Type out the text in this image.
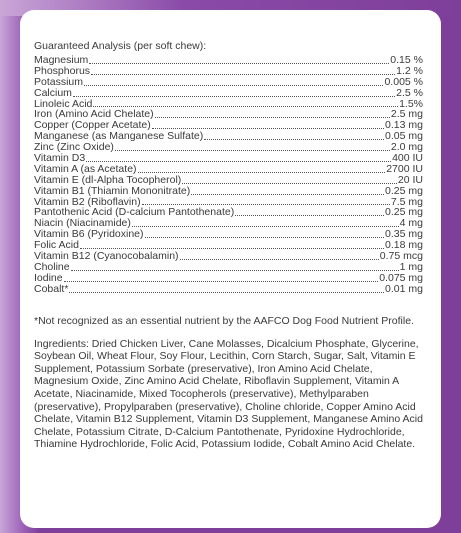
Guaranteed Analysis (per soft chew):
Magnesium	0.15 %
Phosphorus	1.2 %
Potassium	0.005 %
Calcium	2.5 %
Linoleic Acid	1.5%
Iron (Amino Acid Chelate)	2.5 mg
Copper (Copper Acetate)	0.13 mg
Manganese (as Manganese Sulfate)	0.05 mg
Zinc (Zinc Oxide)	2.0 mg
Vitamin D3	400 IU
Vitamin A (as Acetate)	2700 IU
Vitamin E (dl-Alpha Tocopherol)	20 IU
Vitamin B1 (Thiamin Mononitrate)	0.25 mg
Vitamin B2 (Riboflavin)	7.5 mg
Pantothenic Acid (D-calcium Pantothenate)	0.25 mg
Niacin (Niacinamide)	4 mg
Vitamin B6 (Pyridoxine)	0.35 mg
Folic Acid	0.18 mg
Vitamin B12 (Cyanocobalamin)	0.75 mcg
Choline	1 mg
Iodine	0.075 mg
Cobalt*	0.01 mg
*Not recognized as an essential nutrient by the AAFCO Dog Food Nutrient Profile.
Ingredients: Dried Chicken Liver, Cane Molasses, Dicalcium Phosphate, Glycerine, Soybean Oil, Wheat Flour, Soy Flour, Lecithin, Corn Starch, Sugar, Salt, Vitamin E Supplement, Potassium Sorbate (preservative), Iron Amino Acid Chelate, Magnesium Oxide, Zinc Amino Acid Chelate, Riboflavin Supplement, Vitamin A Acetate, Niacinamide, Mixed Tocopherols (preservative), Methylparaben (preservative), Propylparaben (preservative), Choline chloride, Copper Amino Acid Chelate, Vitamin B12 Supplement, Vitamin D3 Supplement, Manganese Amino Acid Chelate, Potassium Citrate, D-Calcium Pantothenate, Pyridoxine Hydrochloride, Thiamine Hydrochloride, Folic Acid, Potassium Iodide, Cobalt Amino Acid Chelate.
